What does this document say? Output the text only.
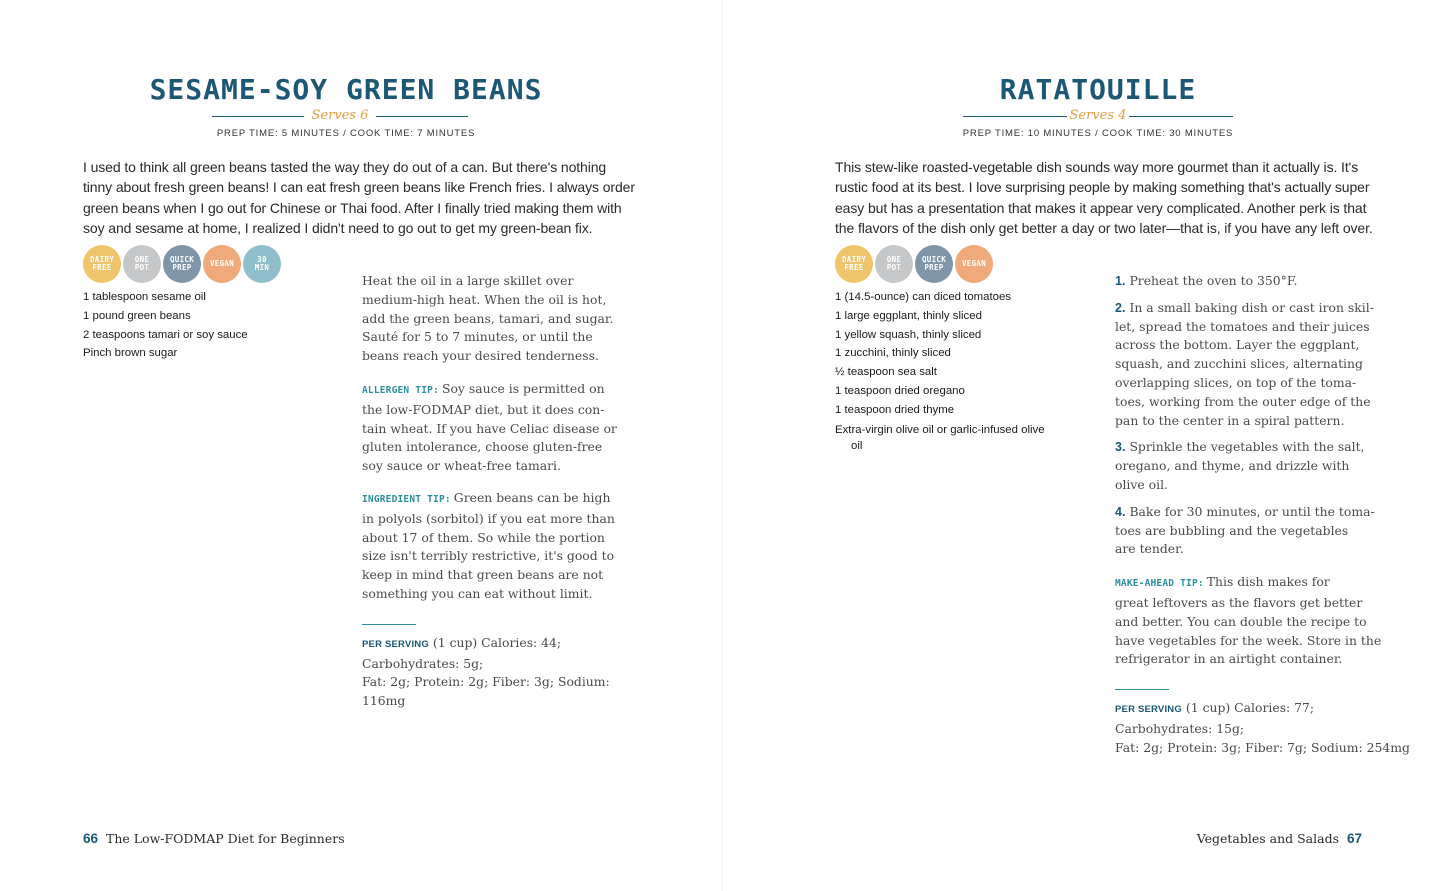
SESAME-SOY GREEN BEANS
Serves 6
PREP TIME: 5 MINUTES / COOK TIME: 7 MINUTES
I used to think all green beans tasted the way they do out of a can. But there's nothing
tinny about fresh green beans! I can eat fresh green beans like French fries. I always order
green beans when I go out for Chinese or Thai food. After I finally tried making them with
soy and sesame at home, I realized I didn't need to go out to get my green-bean fix.
DAIRY
FREE
ONE
POT
QUICK
PREP	VEGAN	30
MIN
1 tablespoon sesame oil
1 pound green beans
2 teaspoons tamari or soy sauce
Pinch brown sugar

Heat the oil in a large skillet over
medium-high heat. When the oil is hot,
add the green beans, tamari, and sugar.
Sauté for 5 to 7 minutes, or until the
beans reach your desired tenderness.

ALLERGEN TIP: Soy sauce is permitted on
the low-FODMAP diet, but it does con-
tain wheat. If you have Celiac disease or
gluten intolerance, choose gluten-free
soy sauce or wheat-free tamari.

INGREDIENT TIP: Green beans can be high
in polyols (sorbitol) if you eat more than
about 17 of them. So while the portion
size isn't terribly restrictive, it's good to
keep in mind that green beans are not
something you can eat without limit.

PER SERVING (1 cup) Calories: 44; Carbohydrates: 5g;
Fat: 2g; Protein: 2g; Fiber: 3g; Sodium: 116mg

66 The Low-FODMAP Diet for Beginners
RATATOUILLE
Serves 4
PREP TIME: 10 MINUTES / COOK TIME: 30 MINUTES
This stew-like roasted-vegetable dish sounds way more gourmet than it actually is. It's
rustic food at its best. I love surprising people by making something that's actually super
easy but has a presentation that makes it appear very complicated. Another perk is that
the flavors of the dish only get better a day or two later—that is, if you have any left over.
DAIRY
FREE
ONE
POT
QUICK
PREP	VEGAN
1 (14.5-ounce) can diced tomatoes
1 large eggplant, thinly sliced
1 yellow squash, thinly sliced
1 zucchini, thinly sliced
½ teaspoon sea salt
1 teaspoon dried oregano
1 teaspoon dried thyme
Extra-virgin olive oil or garlic-infused olive oil

1. Preheat the oven to 350°F.

2. In a small baking dish or cast iron skil-
let, spread the tomatoes and their juices
across the bottom. Layer the eggplant,
squash, and zucchini slices, alternating
overlapping slices, on top of the toma-
toes, working from the outer edge of the
pan to the center in a spiral pattern.

3. Sprinkle the vegetables with the salt,
oregano, and thyme, and drizzle with
olive oil.

4. Bake for 30 minutes, or until the toma-
toes are bubbling and the vegetables
are tender.

MAKE-AHEAD TIP: This dish makes for
great leftovers as the flavors get better
and better. You can double the recipe to
have vegetables for the week. Store in the
refrigerator in an airtight container.

PER SERVING (1 cup) Calories: 77; Carbohydrates: 15g;
Fat: 2g; Protein: 3g; Fiber: 7g; Sodium: 254mg

Vegetables and Salads 67
